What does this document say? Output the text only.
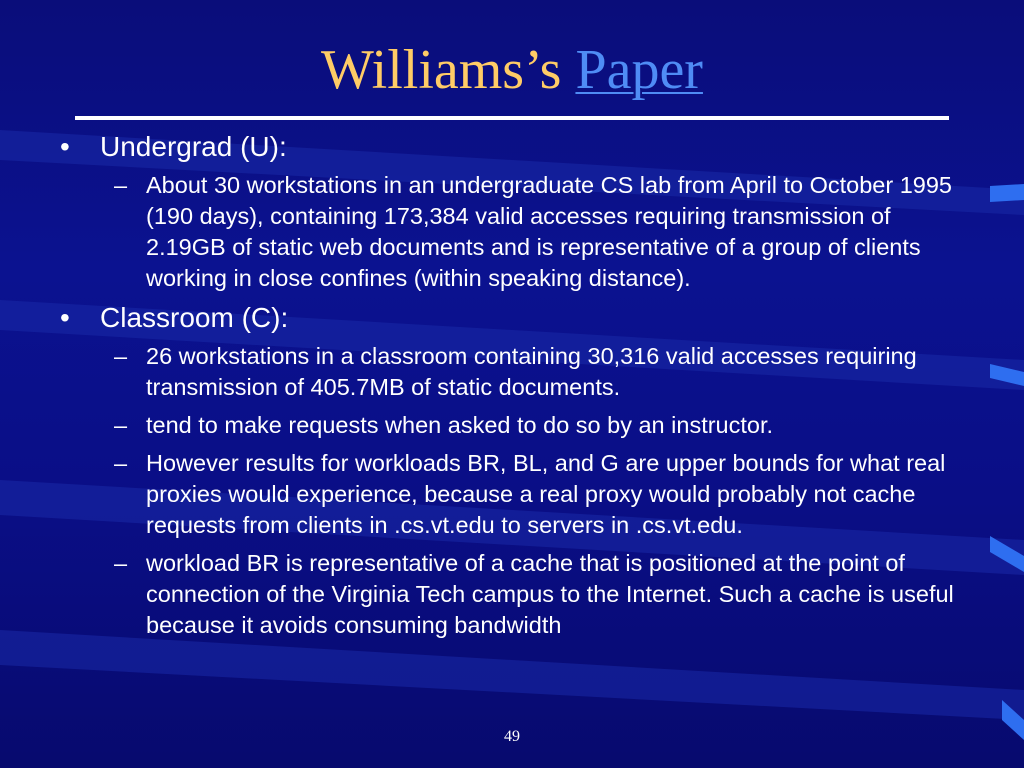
Williams’s Paper
• Undergrad (U):
– About 30 workstations in an undergraduate CS lab from April to October 1995 (190 days), containing 173,384 valid accesses requiring transmission of 2.19GB of static web documents and is representative of a group of clients working in close confines (within speaking distance).
• Classroom (C):
– 26 workstations in a classroom containing 30,316 valid accesses requiring transmission of 405.7MB of static documents.
– tend to make requests when asked to do so by an instructor.
– However results for workloads BR, BL, and G are upper bounds for what real proxies would experience, because a real proxy would probably not cache requests from clients in .cs.vt.edu to servers in .cs.vt.edu.
– workload BR is representative of a cache that is positioned at the point of connection of the Virginia Tech campus to the Internet. Such a cache is useful because it avoids consuming bandwidth
49
